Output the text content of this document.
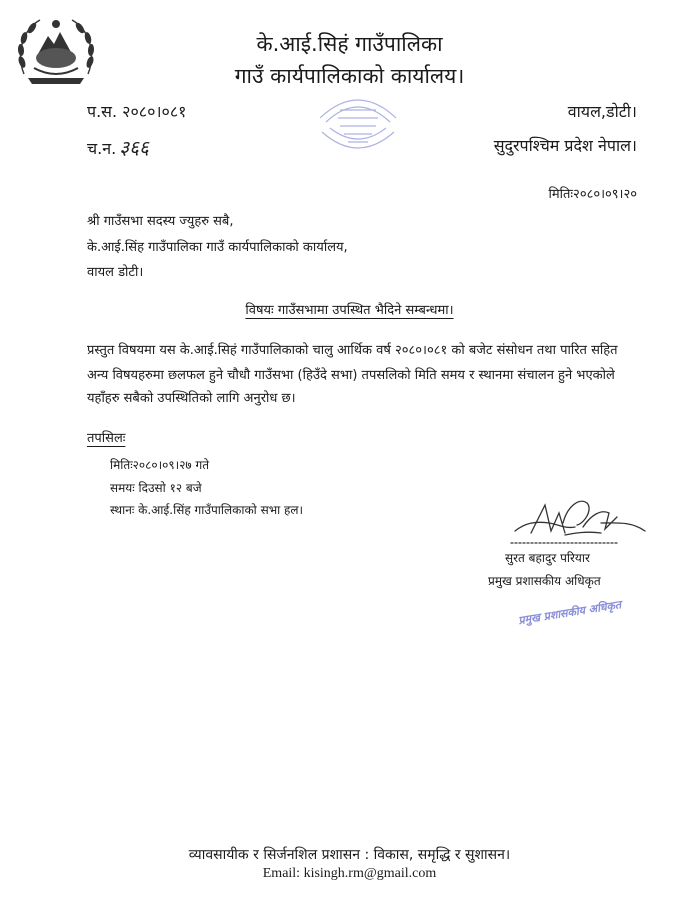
के.आई.सिहं गाउँपालिका
गाउँ कार्यपालिकाको कार्यालय।
प.स. २०८०।०८१
च.न. ३६६
वायल,डोटी।
सुदुरपश्चिम प्रदेश नेपाल।
मितिः२०८०।०९।२०
श्री गाउँसभा सदस्य ज्युहरु सबै,
के.आई.सिंह गाउँपालिका गाउँ कार्यपालिकाको कार्यालय,
वायल डोटी।
विषयः गाउँसभामा उपस्थित भैदिने सम्बन्धमा।
प्रस्तुत विषयमा यस के.आई.सिहं गाउँपालिकाको चालु आर्थिक वर्ष २०८०।०८१ को बजेट संसोधन तथा पारित सहित
अन्य विषयहरुमा छलफल हुने चौधौ गाउँसभा (हिउँदे सभा) तपसलिको मिति समय र स्थानमा संचालन हुने भएकोले
यहाँहरु सबैको उपस्थितिको लागि अनुरोध छ।
तपसिलः
मितिः२०८०।०९।२७ गते
समयः दिउसो १२ बजे
स्थानः के.आई.सिंह गाउँपालिकाको सभा हल।
सुरत बहादुर परियार
प्रमुख प्रशासकीय अधिकृत
प्रमुख प्रशासकीय अधिकृत
व्यावसायीक र सिर्जनशिल प्रशासन : विकास, समृद्धि र सुशासन।
Email: kisingh.rm@gmail.com
